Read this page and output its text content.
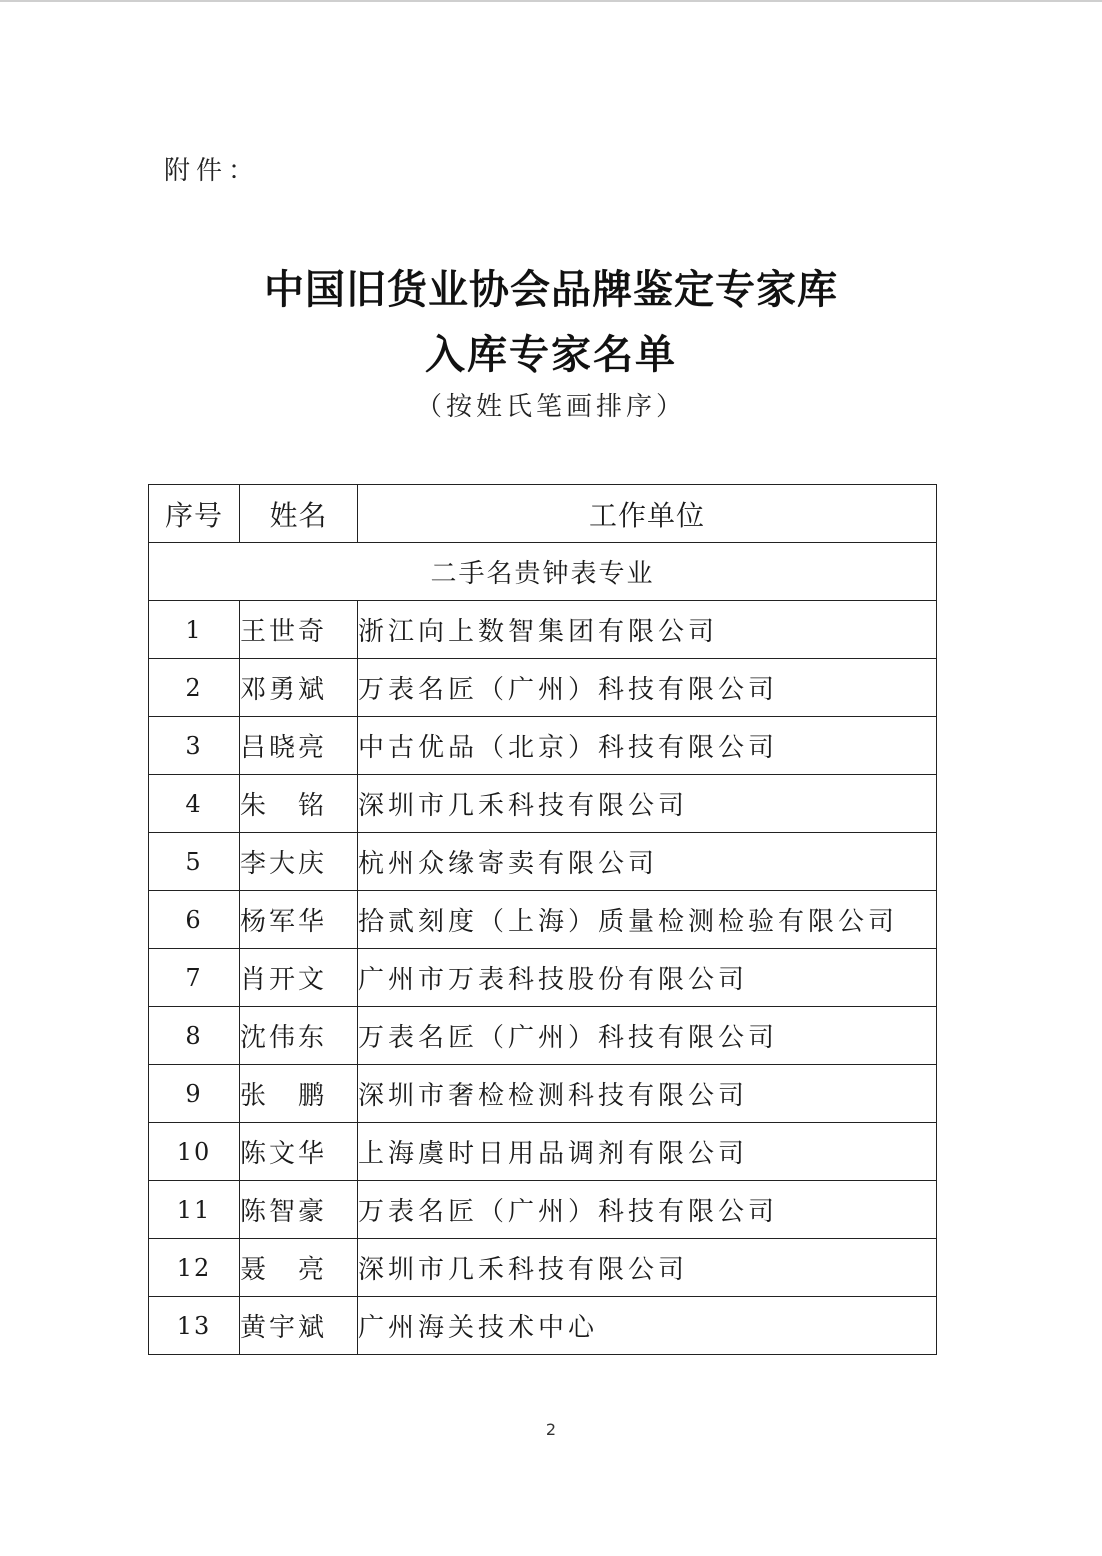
附件：
中国旧货业协会品牌鉴定专家库
入库专家名单
（按姓氏笔画排序）
序号	姓名	工作单位
二手名贵钟表专业		
1	王世奇	浙江向上数智集团有限公司
2	邓勇斌	万表名匠（广州）科技有限公司
3	吕晓亮	中古优品（北京）科技有限公司
4	朱　铭	深圳市几禾科技有限公司
5	李大庆	杭州众缘寄卖有限公司
6	杨军华	拾贰刻度（上海）质量检测检验有限公司
7	肖开文	广州市万表科技股份有限公司
8	沈伟东	万表名匠（广州）科技有限公司
9	张　鹏	深圳市奢检检测科技有限公司
10	陈文华	上海虞时日用品调剂有限公司
11	陈智豪	万表名匠（广州）科技有限公司
12	聂　亮	深圳市几禾科技有限公司
13	黄宇斌	广州海关技术中心
2
